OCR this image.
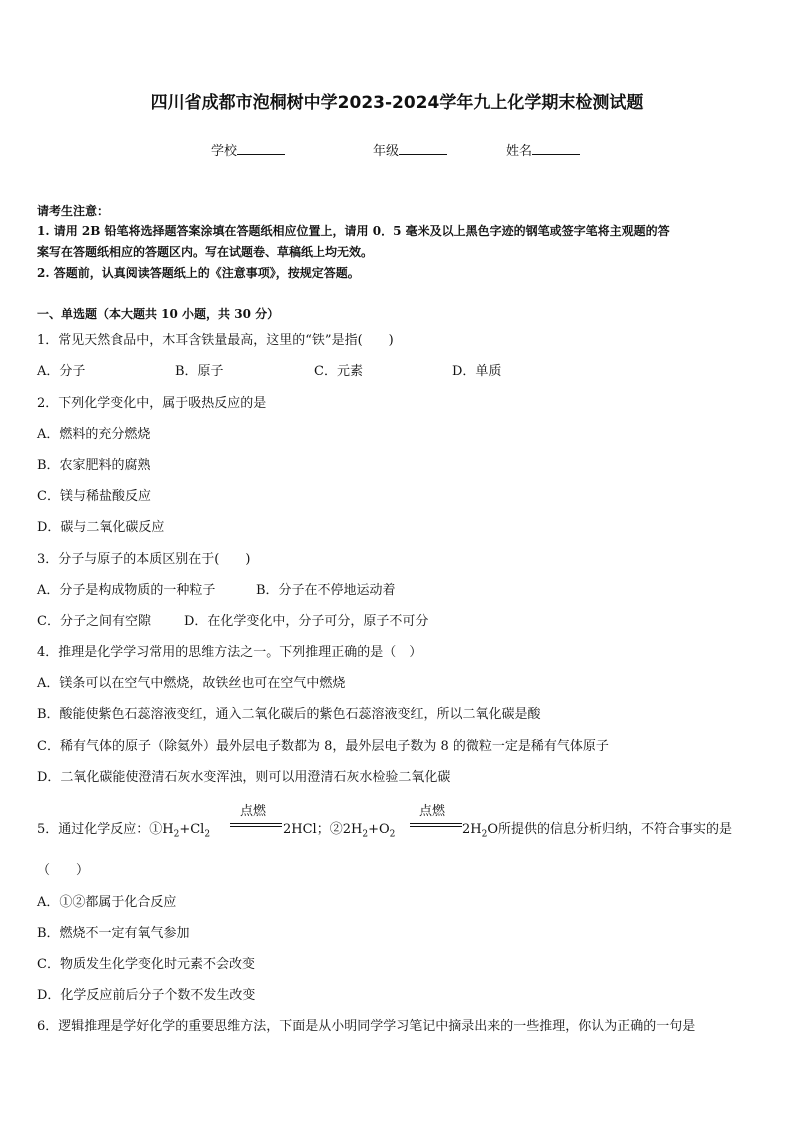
四川省成都市泡桐树中学2023-2024学年九上化学期末检测试题
学校	年级	姓名
请考生注意：
1. 请用 2B 铅笔将选择题答案涂填在答题纸相应位置上，请用 0．5 毫米及以上黑色字迹的钢笔或签字笔将主观题的答
案写在答题纸相应的答题区内。写在试题卷、草稿纸上均无效。
2. 答题前，认真阅读答题纸上的《注意事项》，按规定答题。
一、单选题（本大题共 10 小题，共 30 分）
1．常见天然食品中，木耳含铁量最高，这里的“铁”是指(　　)
A．分子	B．原子	C．元素	D．单质
2．下列化学变化中，属于吸热反应的是
A．燃料的充分燃烧
B．农家肥料的腐熟
C．镁与稀盐酸反应
D．碳与二氧化碳反应
3．分子与原子的本质区别在于(　　)
A．分子是构成物质的一种粒子	B．分子在不停地运动着
C．分子之间有空隙	D．在化学变化中，分子可分，原子不可分
4．推理是化学学习常用的思维方法之一。下列推理正确的是（　）
A．镁条可以在空气中燃烧，故铁丝也可在空气中燃烧
B．酸能使紫色石蕊溶液变红，通入二氧化碳后的紫色石蕊溶液变红，所以二氧化碳是酸
C．稀有气体的原子（除氦外）最外层电子数都为 8，最外层电子数为 8 的微粒一定是稀有气体原子
D．二氧化碳能使澄清石灰水变浑浊，则可以用澄清石灰水检验二氧化碳
5．通过化学反应：$①H_2+Cl_2$
点燃
2HCl；$②2H_2+O_2$
点燃
$2H_2O$所提供的信息分析归纳，不符合事实的是
（　　）
A．①②都属于化合反应
B．燃烧不一定有氧气参加
C．物质发生化学变化时元素不会改变
D．化学反应前后分子个数不发生改变
6．逻辑推理是学好化学的重要思维方法，下面是从小明同学学习笔记中摘录出来的一些推理，你认为正确的一句是
